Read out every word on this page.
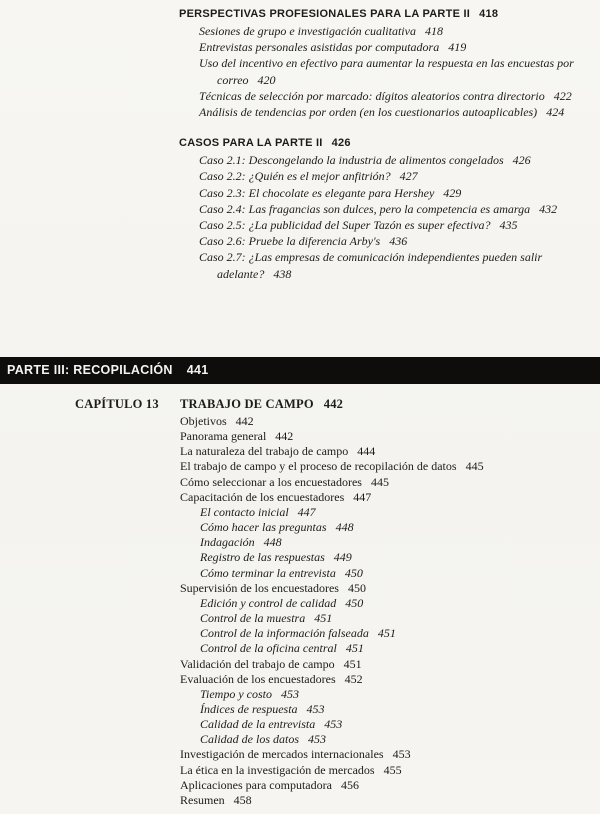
PERSPECTIVAS PROFESIONALES PARA LA PARTE II 418
Sesiones de grupo e investigación cualitativa 418
Entrevistas personales asistidas por computadora 419
Uso del incentivo en efectivo para aumentar la respuesta en las encuestas por correo 420
Técnicas de selección por marcado: dígitos aleatorios contra directorio 422
Análisis de tendencias por orden (en los cuestionarios autoaplicables) 424
CASOS PARA LA PARTE II 426
Caso 2.1: Descongelando la industria de alimentos congelados 426
Caso 2.2: ¿Quién es el mejor anfitrión? 427
Caso 2.3: El chocolate es elegante para Hershey 429
Caso 2.4: Las fragancias son dulces, pero la competencia es amarga 432
Caso 2.5: ¿La publicidad del Super Tazón es super efectiva? 435
Caso 2.6: Pruebe la diferencia Arby's 436
Caso 2.7: ¿Las empresas de comunicación independientes pueden salir adelante? 438
PARTE III: RECOPILACIÓN 441
CAPÍTULO 13 TRABAJO DE CAMPO 442
Objetivos 442
Panorama general 442
La naturaleza del trabajo de campo 444
El trabajo de campo y el proceso de recopilación de datos 445
Cómo seleccionar a los encuestadores 445
Capacitación de los encuestadores 447
El contacto inicial 447
Cómo hacer las preguntas 448
Indagación 448
Registro de las respuestas 449
Cómo terminar la entrevista 450
Supervisión de los encuestadores 450
Edición y control de calidad 450
Control de la muestra 451
Control de la información falseada 451
Control de la oficina central 451
Validación del trabajo de campo 451
Evaluación de los encuestadores 452
Tiempo y costo 453
Índices de respuesta 453
Calidad de la entrevista 453
Calidad de los datos 453
Investigación de mercados internacionales 453
La ética en la investigación de mercados 455
Aplicaciones para computadora 456
Resumen 458
